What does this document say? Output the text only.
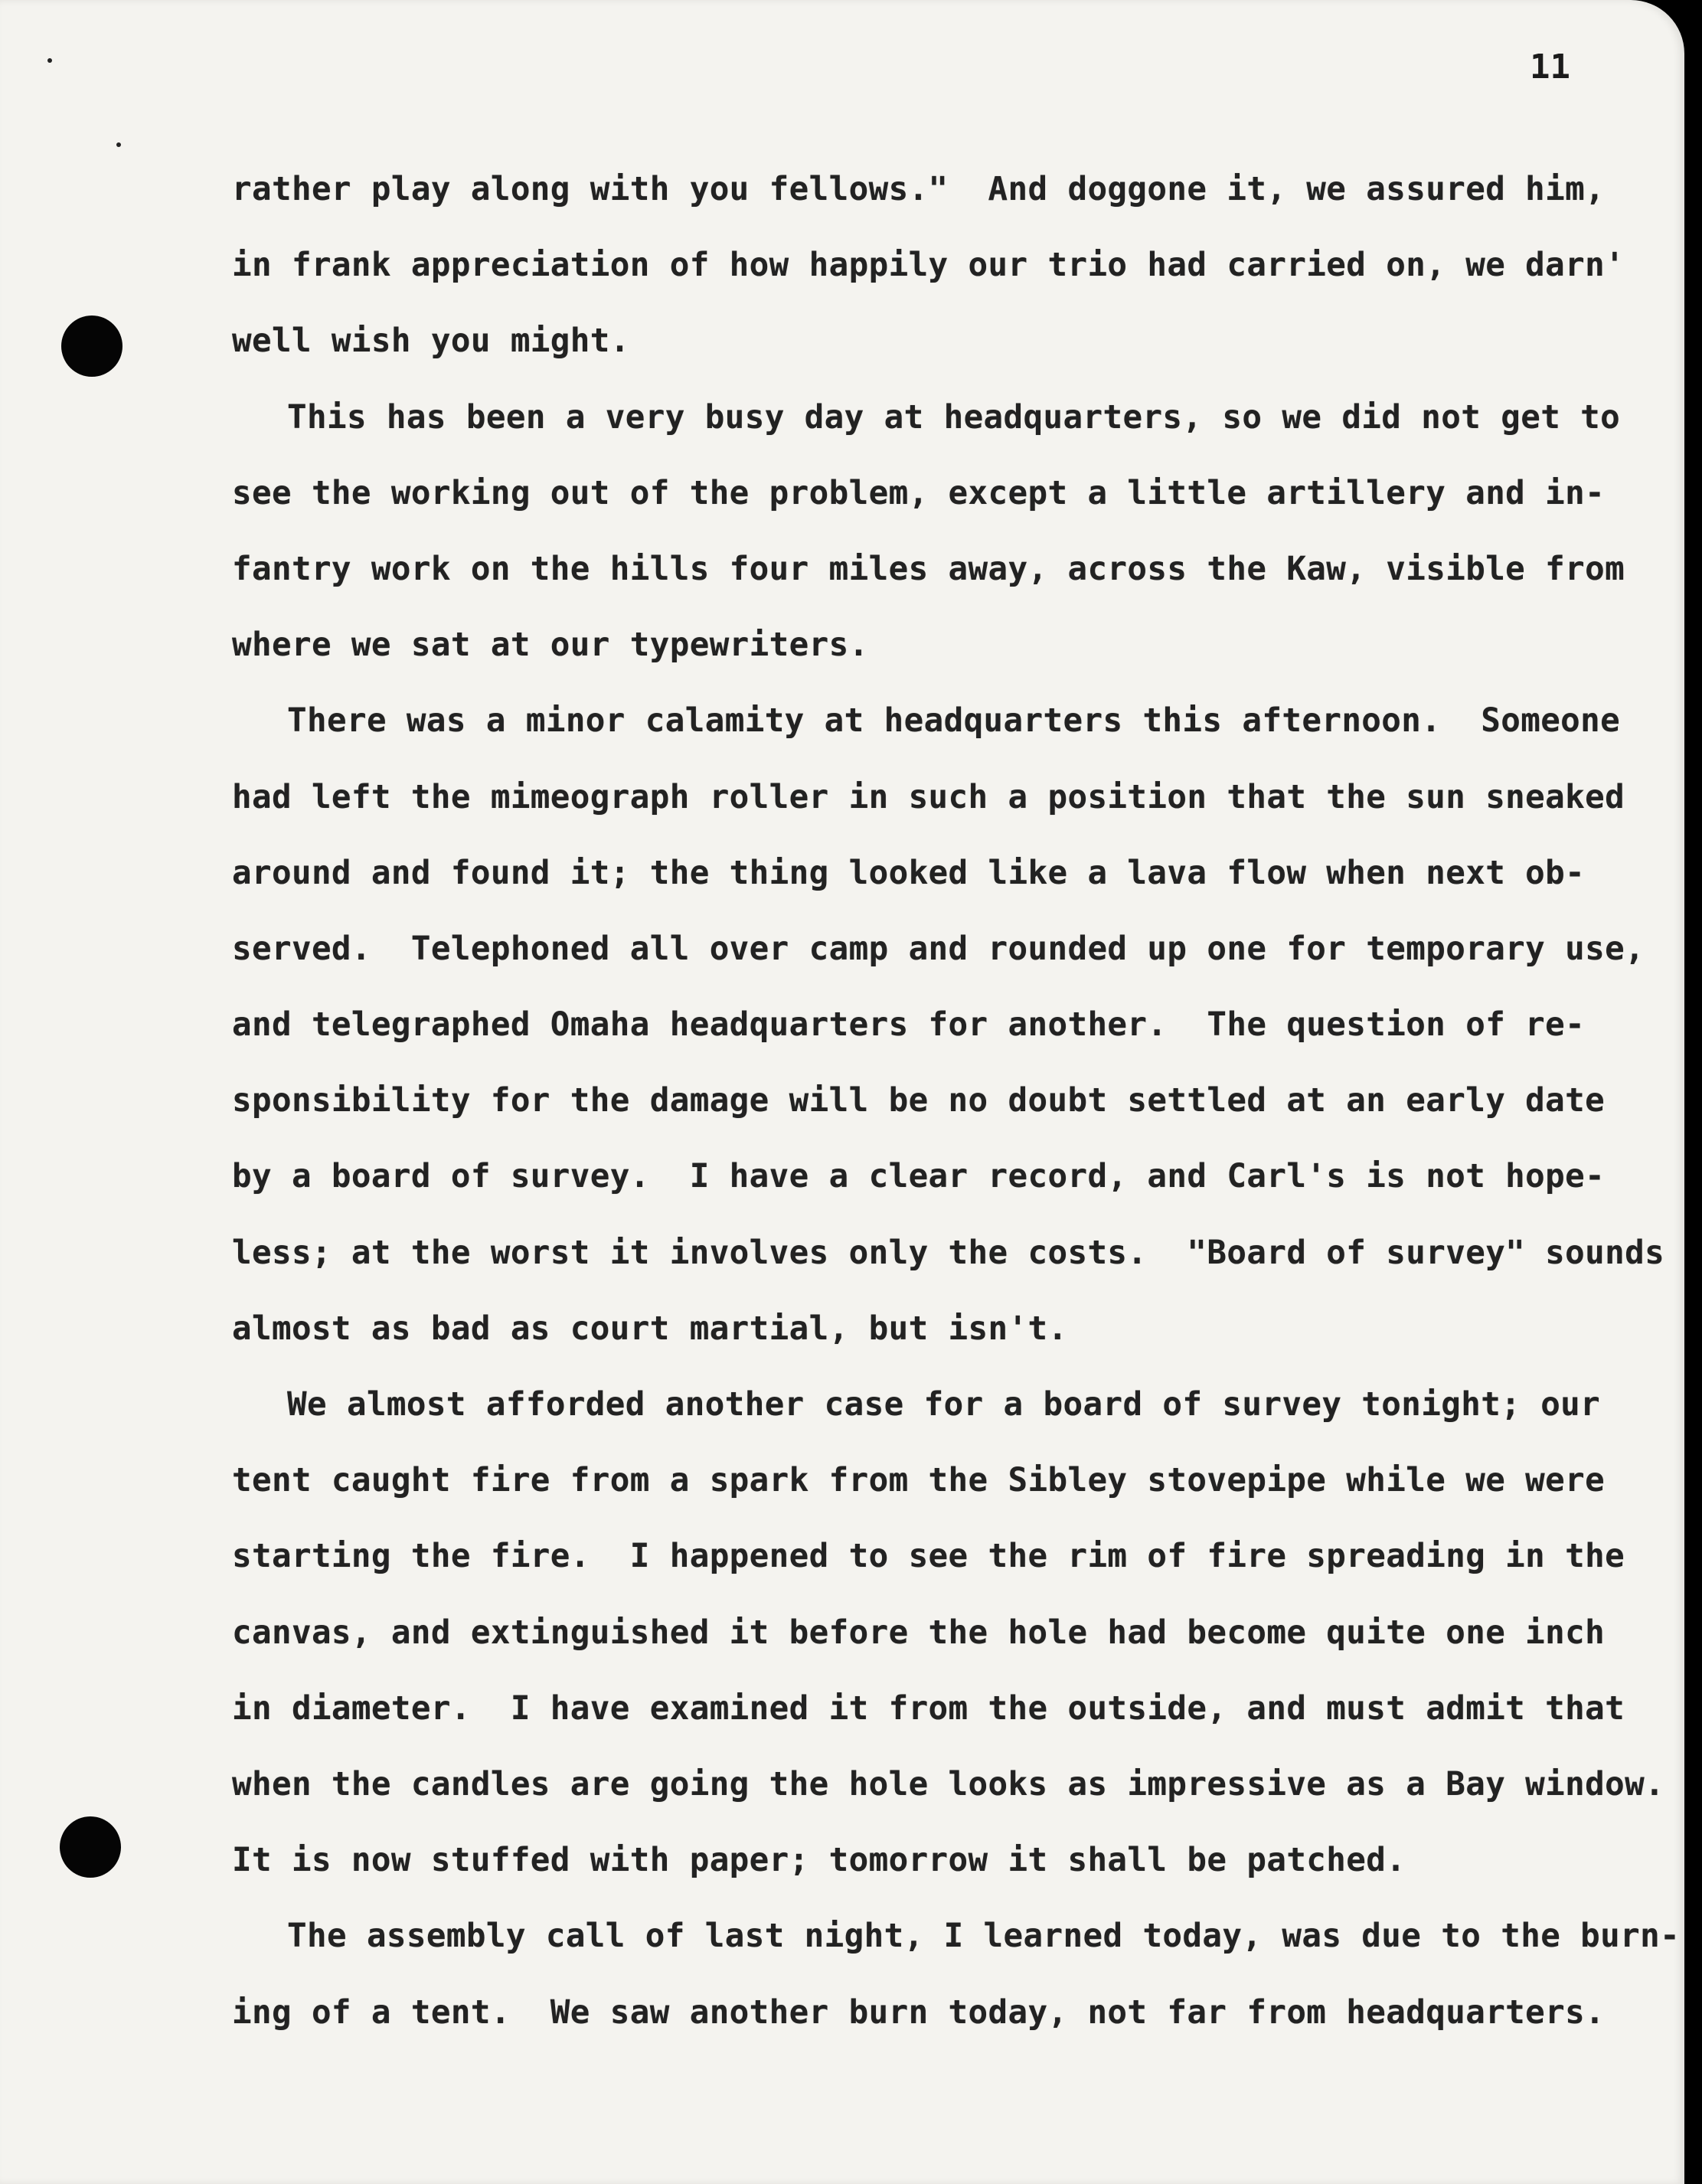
11
rather play along with you fellows."  And doggone it, we assured him,
in frank appreciation of how happily our trio had carried on, we darn'
well wish you might.
This has been a very busy day at headquarters, so we did not get to
see the working out of the problem, except a little artillery and in-
fantry work on the hills four miles away, across the Kaw, visible from
where we sat at our typewriters.
There was a minor calamity at headquarters this afternoon.  Someone
had left the mimeograph roller in such a position that the sun sneaked
around and found it; the thing looked like a lava flow when next ob-
served.  Telephoned all over camp and rounded up one for temporary use,
and telegraphed Omaha headquarters for another.  The question of re-
sponsibility for the damage will be no doubt settled at an early date
by a board of survey.  I have a clear record, and Carl's is not hope-
less; at the worst it involves only the costs.  "Board of survey" sounds
almost as bad as court martial, but isn't.
We almost afforded another case for a board of survey tonight; our
tent caught fire from a spark from the Sibley stovepipe while we were
starting the fire.  I happened to see the rim of fire spreading in the
canvas, and extinguished it before the hole had become quite one inch
in diameter.  I have examined it from the outside, and must admit that
when the candles are going the hole looks as impressive as a Bay window.
It is now stuffed with paper; tomorrow it shall be patched.
The assembly call of last night, I learned today, was due to the burn-
ing of a tent.  We saw another burn today, not far from headquarters.
